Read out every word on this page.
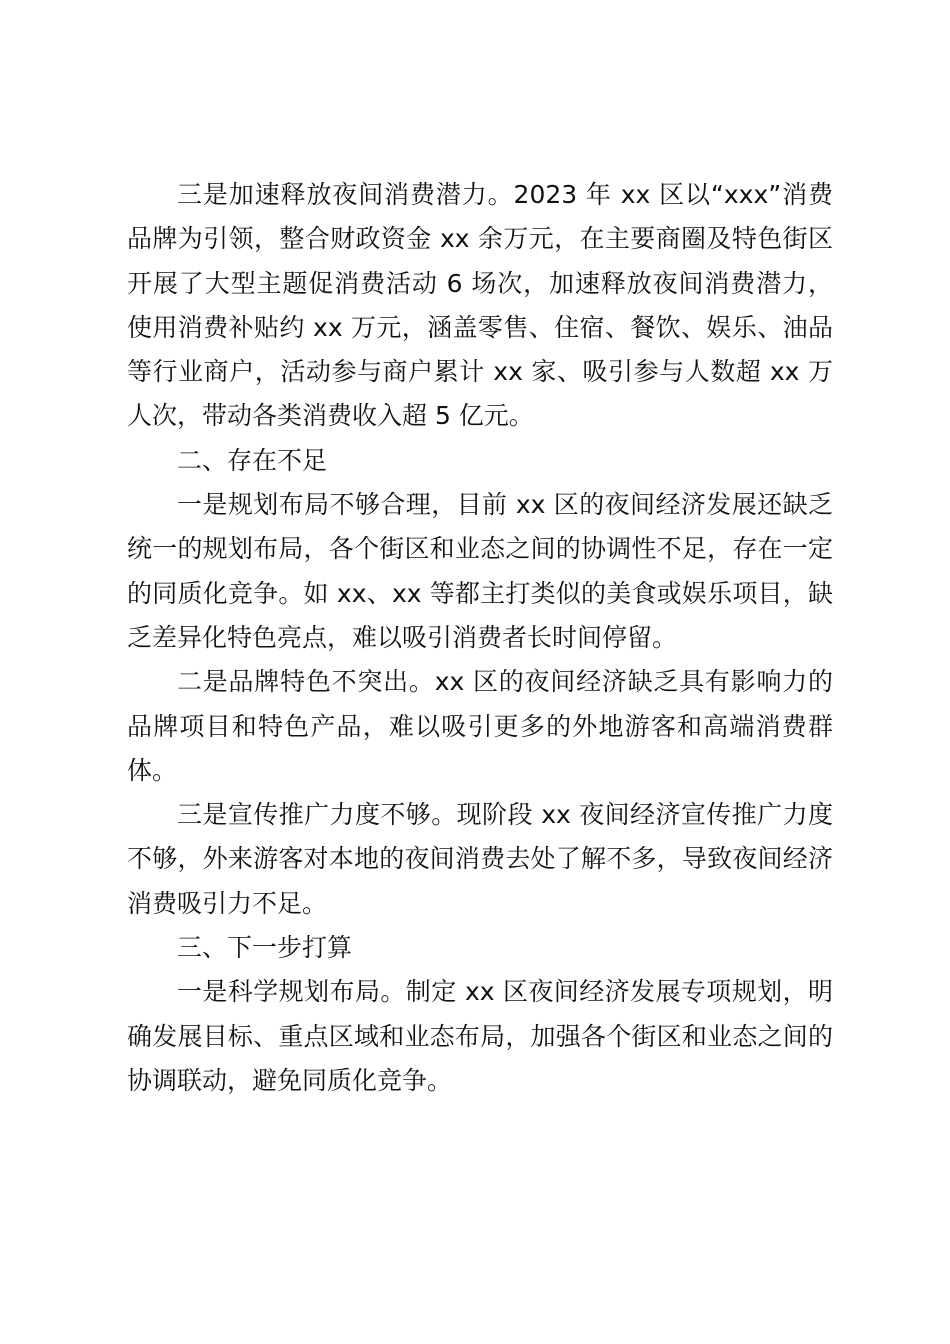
三是加速释放夜间消费潜力。2023 年 xx 区以“xxx”消费品牌为引领，整合财政资金 xx 余万元，在主要商圈及特色街区开展了大型主题促消费活动 6 场次，加速释放夜间消费潜力，使用消费补贴约 xx 万元，涵盖零售、住宿、餐饮、娱乐、油品等行业商户，活动参与商户累计 xx 家、吸引参与人数超 xx 万人次，带动各类消费收入超 5 亿元。

二、存在不足

一是规划布局不够合理，目前 xx 区的夜间经济发展还缺乏统一的规划布局，各个街区和业态之间的协调性不足，存在一定的同质化竞争。如 xx、xx 等都主打类似的美食或娱乐项目，缺乏差异化特色亮点，难以吸引消费者长时间停留。

二是品牌特色不突出。xx 区的夜间经济缺乏具有影响力的品牌项目和特色产品，难以吸引更多的外地游客和高端消费群体。

三是宣传推广力度不够。现阶段 xx 夜间经济宣传推广力度不够，外来游客对本地的夜间消费去处了解不多，导致夜间经济消费吸引力不足。

三、下一步打算

一是科学规划布局。制定 xx 区夜间经济发展专项规划，明确发展目标、重点区域和业态布局，加强各个街区和业态之间的协调联动，避免同质化竞争。
